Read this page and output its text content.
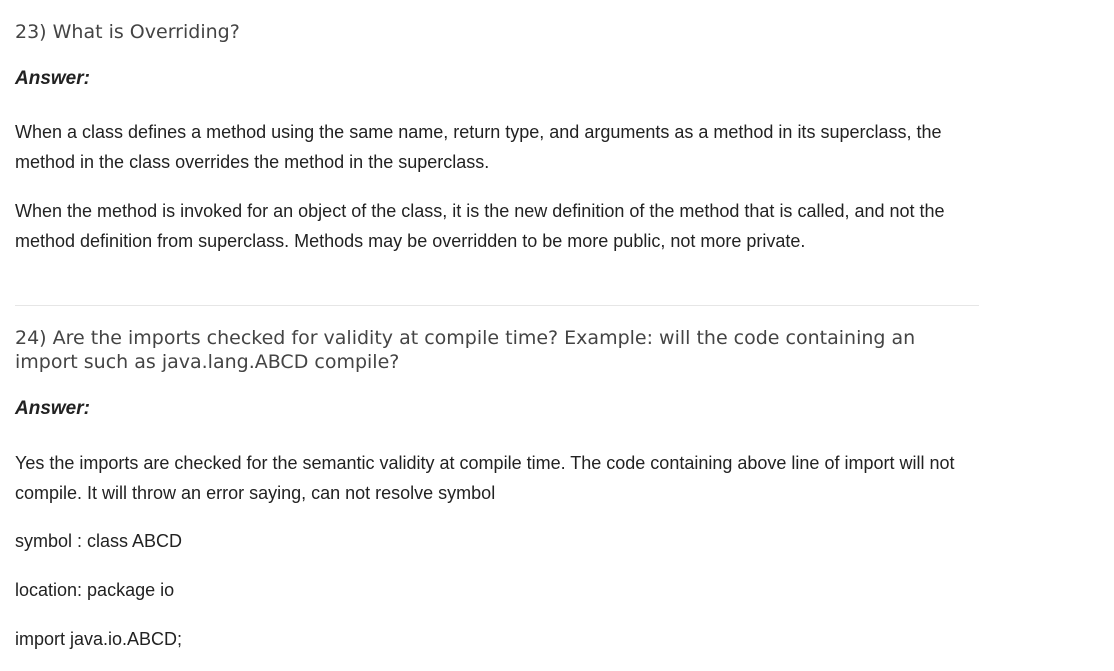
23) What is Overriding?

Answer:

When a class defines a method using the same name, return type, and arguments as a method in its superclass, the method in the class overrides the method in the superclass.

When the method is invoked for an object of the class, it is the new definition of the method that is called, and not the method definition from superclass. Methods may be overridden to be more public, not more private.

24) Are the imports checked for validity at compile time? Example: will the code containing an import such as java.lang.ABCD compile?

Answer:

Yes the imports are checked for the semantic validity at compile time. The code containing above line of import will not compile. It will throw an error saying, can not resolve symbol

symbol : class ABCD

location: package io

import java.io.ABCD;
